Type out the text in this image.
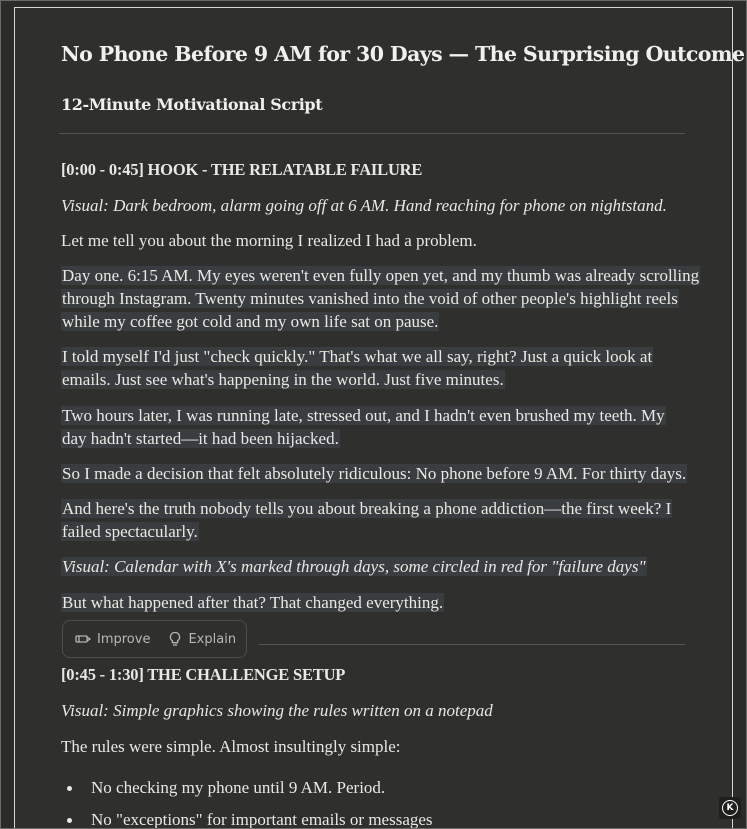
No Phone Before 9 AM for 30 Days — The Surprising Outcome
12-Minute Motivational Script

[0:00 - 0:45] HOOK - THE RELATABLE FAILURE

Visual: Dark bedroom, alarm going off at 6 AM. Hand reaching for phone on nightstand.

Let me tell you about the morning I realized I had a problem.

Day one. 6:15 AM. My eyes weren't even fully open yet, and my thumb was already scrolling
through Instagram. Twenty minutes vanished into the void of other people's highlight reels
while my coffee got cold and my own life sat on pause.

I told myself I'd just "check quickly." That's what we all say, right? Just a quick look at
emails. Just see what's happening in the world. Just five minutes.

Two hours later, I was running late, stressed out, and I hadn't even brushed my teeth. My
day hadn't started—it had been hijacked.

So I made a decision that felt absolutely ridiculous: No phone before 9 AM. For thirty days.

And here's the truth nobody tells you about breaking a phone addiction—the first week? I
failed spectacularly.

Visual: Calendar with X's marked through days, some circled in red for "failure days"

But what happened after that? That changed everything.

[0:45 - 1:30] THE CHALLENGE SETUP

Visual: Simple graphics showing the rules written on a notepad

The rules were simple. Almost insultingly simple:

No checking my phone until 9 AM. Period.
No "exceptions" for important emails or messages
Improve	Explain
K
